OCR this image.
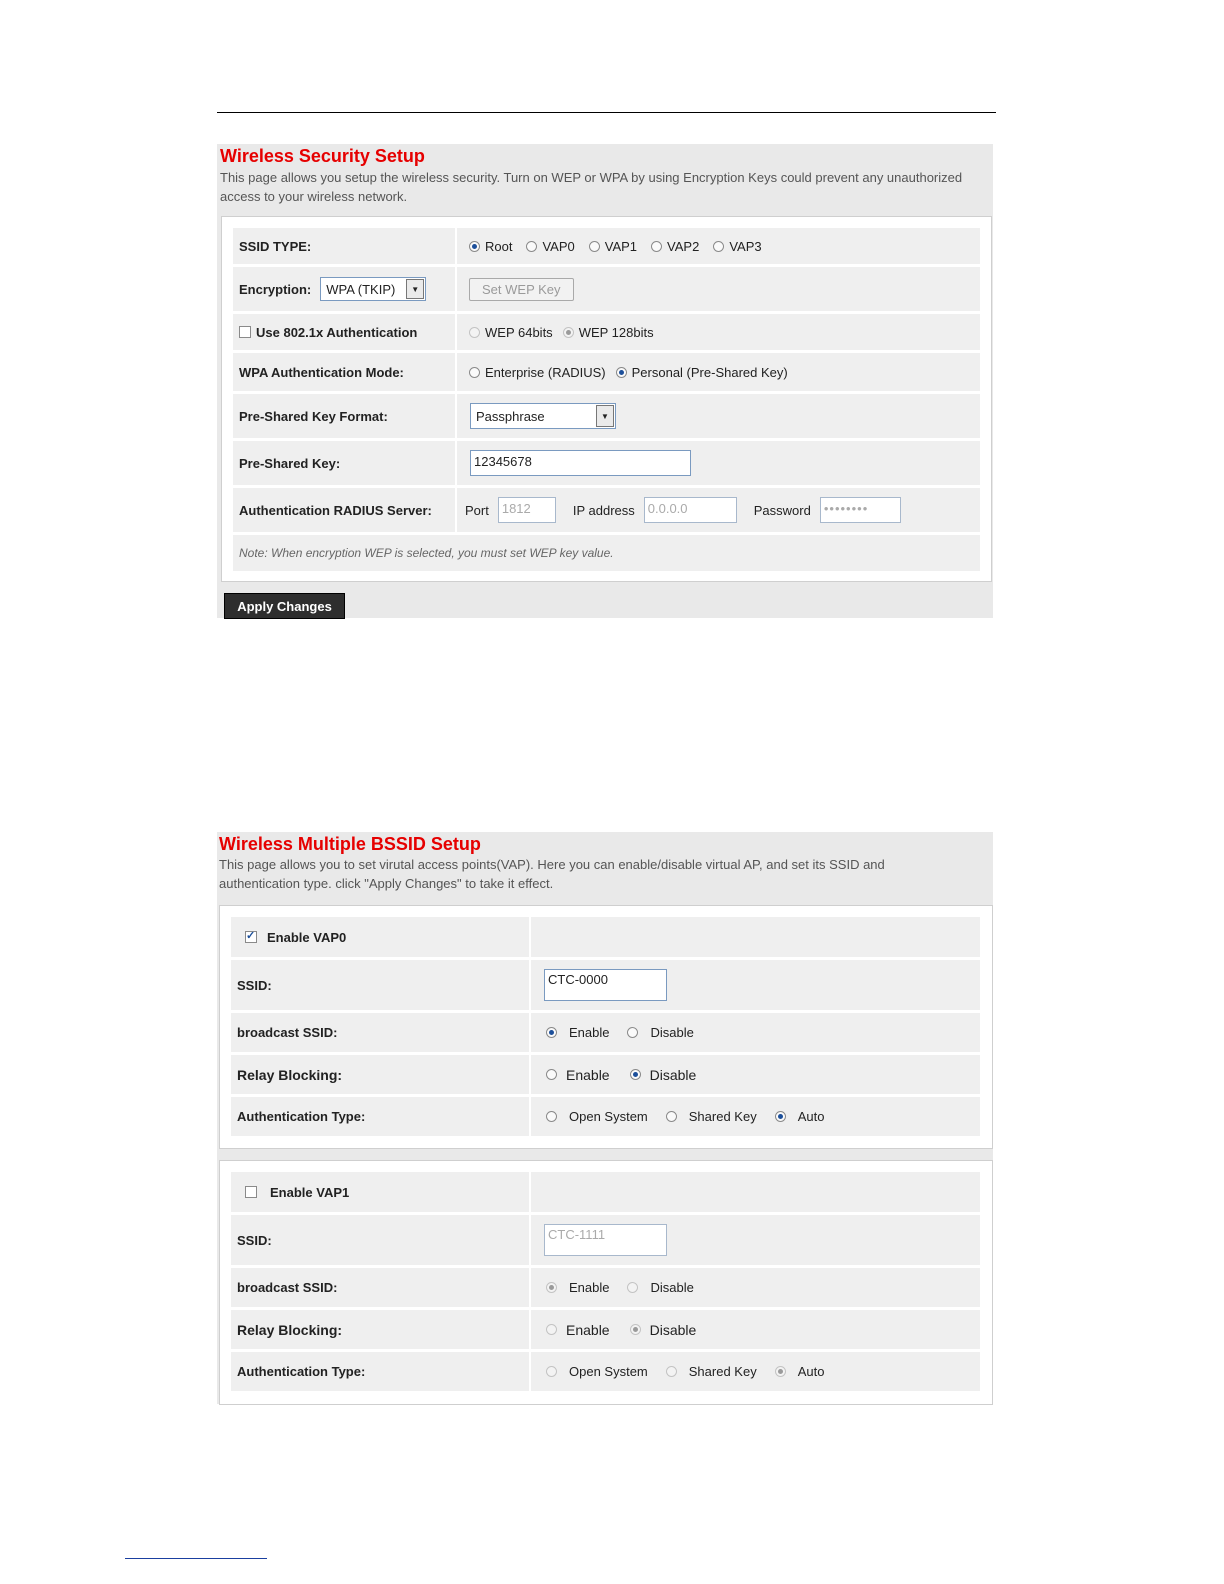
Wireless Security Setup
This page allows you setup the wireless security. Turn on WEP or WPA by using Encryption Keys could prevent any unauthorized
access to your wireless network.
SSID TYPE:	Root VAP0 VAP1 VAP2 VAP3
Encryption: WPA (TKIP)	▼	Set WEP Key
Use 802.1x Authentication	WEP 64bits WEP 128bits
WPA Authentication Mode:	Enterprise (RADIUS) Personal (Pre-Shared Key)
Pre-Shared Key Format:	Passphrase	▼
Pre-Shared Key:	12345678
Authentication RADIUS Server:	Port	1812	IP address	0.0.0.0	Password	••••••••
Note: When encryption WEP is selected, you must set WEP key value.
Apply Changes
Wireless Multiple BSSID Setup
This page allows you to set virutal access points(VAP). Here you can enable/disable virtual AP, and set its SSID and
authentication type. click "Apply Changes" to take it effect.
✓
Enable VAP0
SSID:	CTC-0000
broadcast SSID:	Enable	Disable
Relay Blocking:	Enable	Disable
Authentication Type:	Open System	Shared Key	Auto
Enable VAP1
SSID:	CTC-1111
broadcast SSID:	Enable	Disable
Relay Blocking:	Enable	Disable
Authentication Type:	Open System	Shared Key	Auto
